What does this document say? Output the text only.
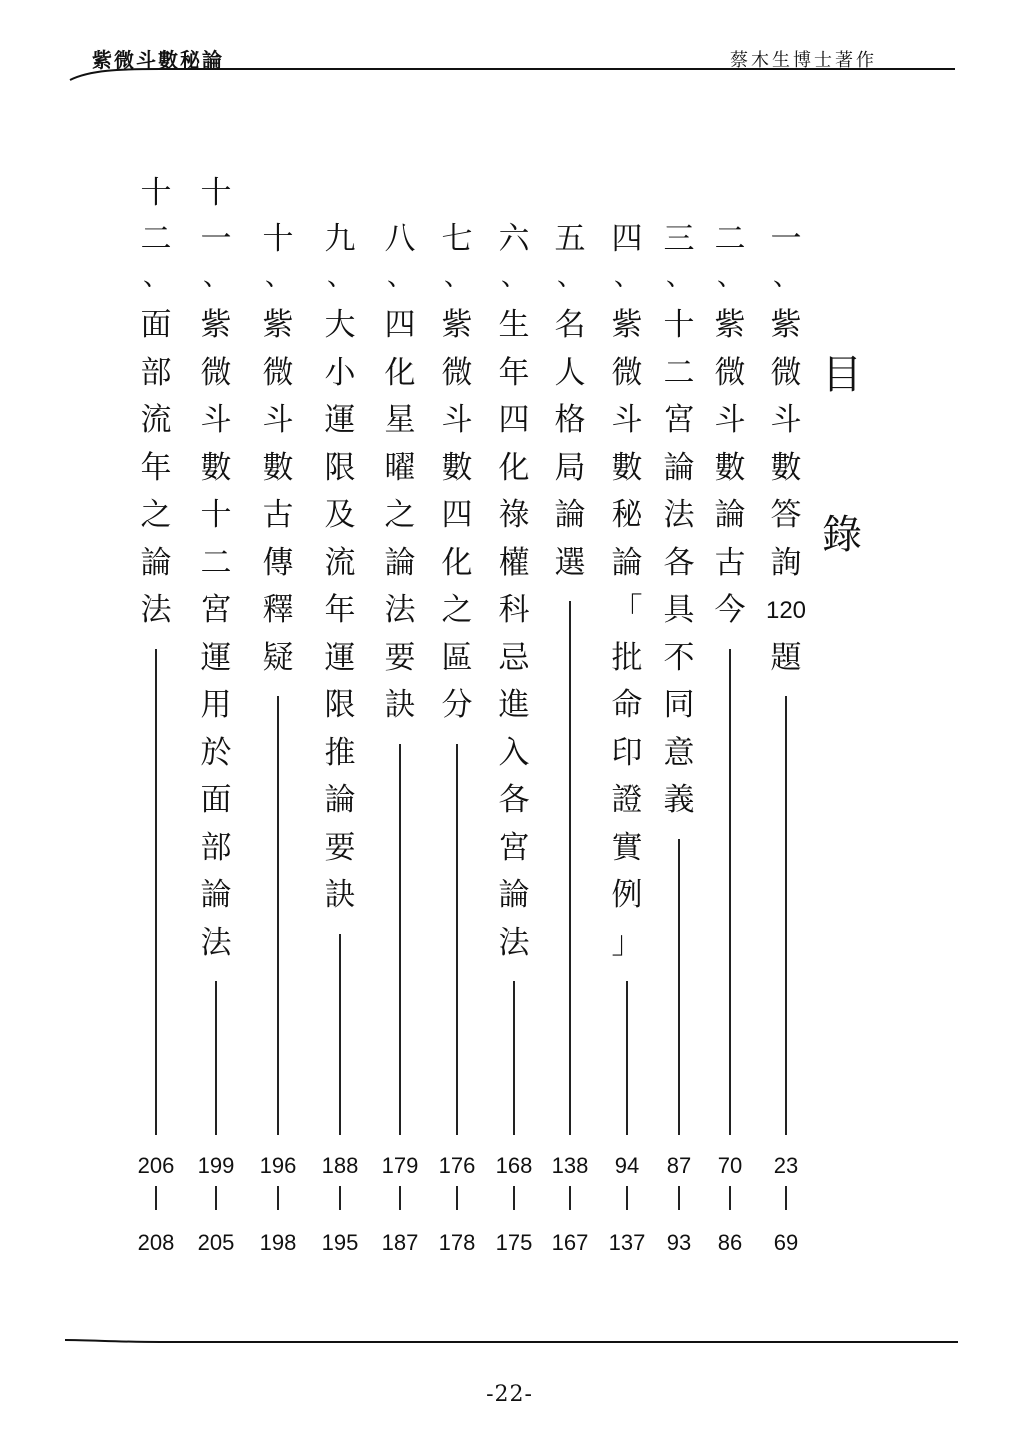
紫微斗數秘論	蔡木生博士著作
目
錄
一
、
紫
微
斗
數
答
詢
120
題
23
69
二
、
紫
微
斗
數
論
古
今
70
86
三
、
十
二
宮
論
法
各
具
不
同
意
義
87
93
四
、
紫
微
斗
數
秘
論
「
批
命
印
證
實
例
」
94
137
五
、
名
人
格
局
論
選
138
167
六
、
生
年
四
化
祿
權
科
忌
進
入
各
宮
論
法
168
175
七
、
紫
微
斗
數
四
化
之
區
分
176
178
八
、
四
化
星
曜
之
論
法
要
訣
179
187
九
、
大
小
運
限
及
流
年
運
限
推
論
要
訣
188
195
十
、
紫
微
斗
數
古
傳
釋
疑
196
198
十
一
、
紫
微
斗
數
十
二
宮
運
用
於
面
部
論
法
199
205
十
二
、
面
部
流
年
之
論
法
206
208
-22-
